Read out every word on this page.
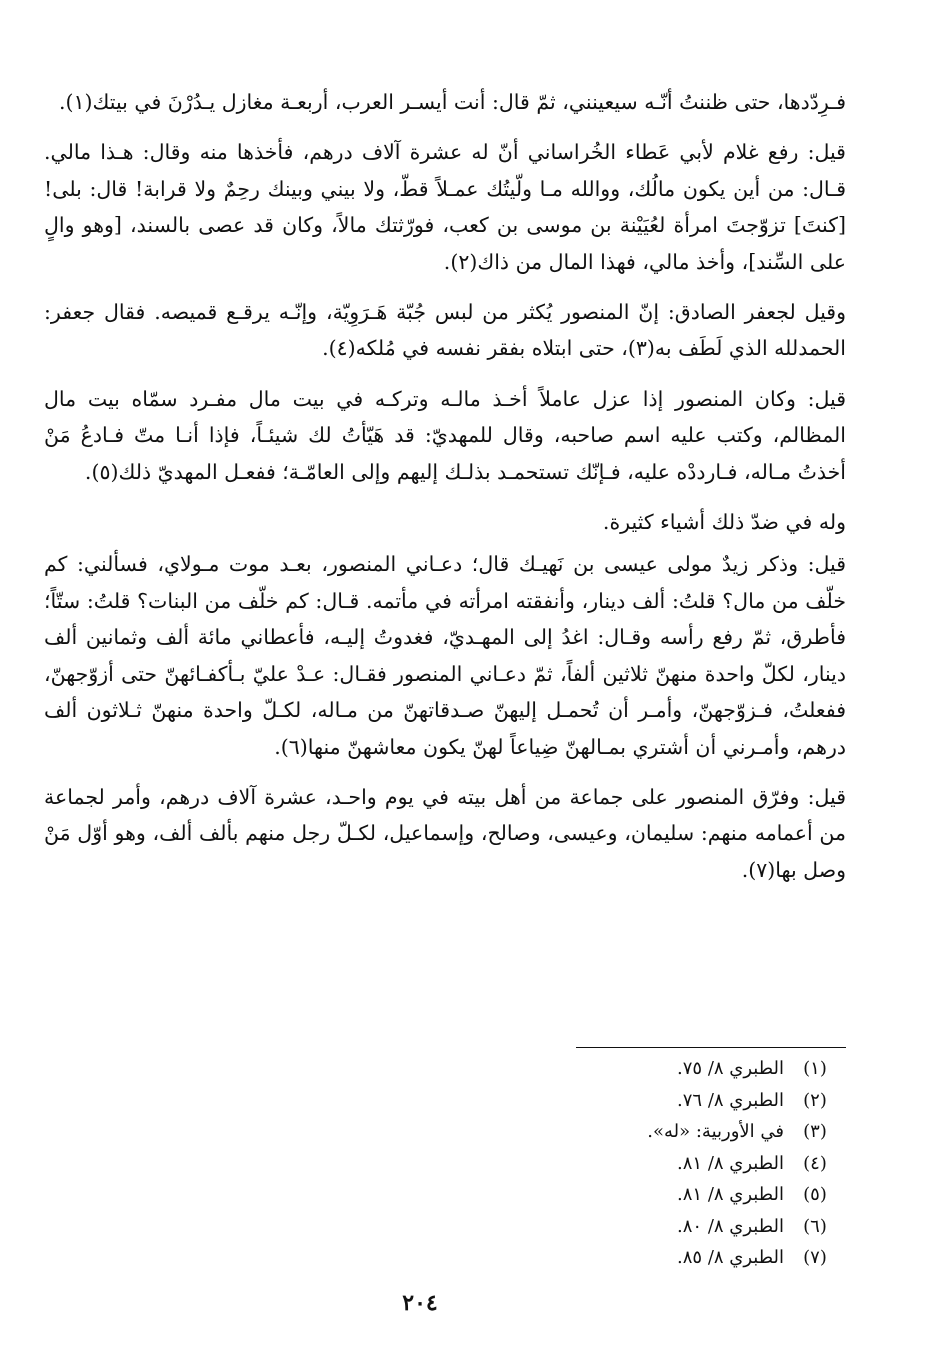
فـرِدّدها، حتى ظننتُ أنّـه سيعينني، ثمّ قال: أنت أيسـر العرب، أربعـة مغازل يـدُرْنَ في بيتك(١).

قيل: رفع غلام لأبي عَطاء الخُراساني أنّ له عشرة آلاف درهم، فأخذها منه وقال: هـذا مالي. قـال: من أين يكون مالُك، ووالله مـا ولّيتُك عمـلاً قطّ، ولا بيني وبينك رحِمٌ ولا قرابة! قال: بلى! [كنتَ] تزوّجتَ امرأة لعُيَيْنة بن موسى بن كعب، فورّثتك مالاً، وكان قد عصى بالسند، [وهو والٍ على السِّند]، وأخذ مالي، فهذا المال من ذاك(٢).

وقيل لجعفر الصادق: إنّ المنصور يُكثر من لبس جُبّة هَـرَوِيّة، وإنّـه يرقـع قميصه. فقال جعفر: الحمدلله الذي لَطَف به(٣)، حتى ابتلاه بفقر نفسه في مُلكه(٤).

قيل: وكان المنصور إذا عزل عاملاً أخـذ مالـه وتركـه في بيت مال مفـرد سمّاه بيت مال المظالم، وكتب عليه اسم صاحبه، وقال للمهديّ: قد هَيّأتُ لك شيئـاً، فإذا أنـا متّ فـادعُ مَنْ أخذتُ مـاله، فـارددْه عليه، فـإنّك تستحمـد بذلـك إليهم وإلى العامّـة؛ ففعـل المهديّ ذلك(٥).

وله في ضدّ ذلك أشياء كثيرة.

قيل: وذكر زيدٌ مولى عيسى بن نَهيـك قال؛ دعـاني المنصور، بعـد موت مـولاي، فسألني: كم خلّف من مال؟ قلتُ: ألف دينار، وأنفقته امرأته في مأتمه. قـال: كم خلّف من البنات؟ قلتُ: ستّاً؛ فأطرق، ثمّ رفع رأسه وقـال: اغدُ إلى المهـديّ، فغدوتُ إليـه، فأعطاني مائة ألف وثمانين ألف دينار، لكلّ واحدة منهنّ ثلاثين ألفاً، ثمّ دعـاني المنصور فقـال: عـدْ عليّ بـأكفـائهنّ حتى أزوّجهنّ، ففعلتُ، فـزوّجهنّ، وأمـر أن تُحمـل إليهنّ صـدقاتهنّ من مـاله، لكـلّ واحدة منهنّ ثـلاثون ألف درهم، وأمـرني أن أشتري بمـالهنّ ضِياعاً لهنّ يكون معاشهنّ منها(٦).

قيل: وفرّق المنصور على جماعة من أهل بيته في يوم واحـد، عشرة آلاف درهم، وأمر لجماعة من أعمامه منهم: سليمان، وعيسى، وصالح، وإسماعيل، لكـلّ رجل منهم بألف ألف، وهو أوّل مَنْ وصل بها(٧).

(١)
الطبري ٨/ ٧٥.
(٢)
الطبري ٨/ ٧٦.
(٣)
في الأوربية: «له».
(٤)
الطبري ٨/ ٨١.
(٥)
الطبري ٨/ ٨١.
(٦)
الطبري ٨/ ٨٠.
(٧)
الطبري ٨/ ٨٥.
٢٠٤
